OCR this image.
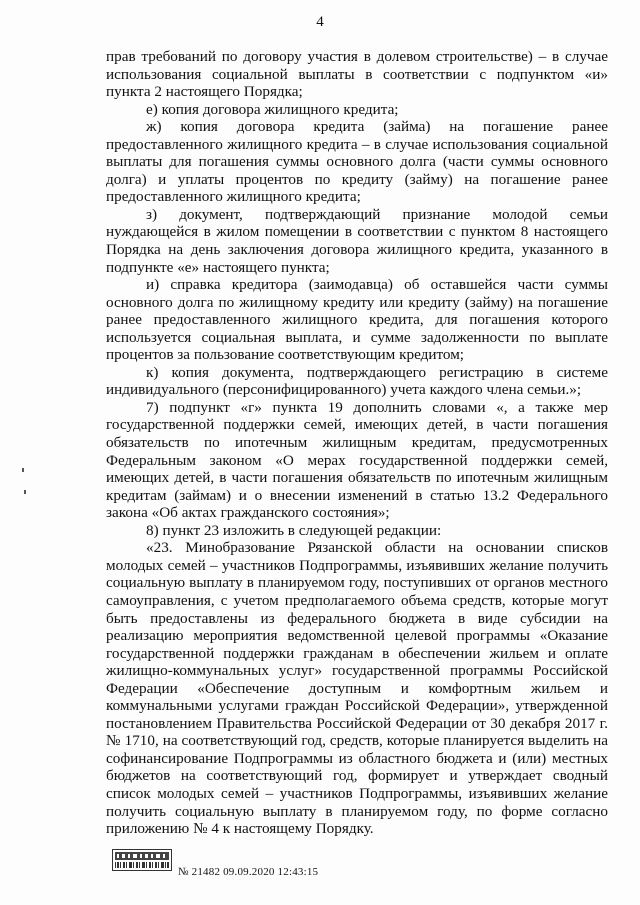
4

прав требований по договору участия в долевом строительстве) – в случае использования социальной выплаты в соответствии с подпунктом «и» пункта 2 настоящего Порядка;

е) копия договора жилищного кредита;

ж) копия договора кредита (займа) на погашение ранее предоставленного жилищного кредита – в случае использования социальной выплаты для погашения суммы основного долга (части суммы основного долга) и уплаты процентов по кредиту (займу) на погашение ранее предоставленного жилищного кредита;

з) документ, подтверждающий признание молодой семьи нуждающейся в жилом помещении в соответствии с пунктом 8 настоящего Порядка на день заключения договора жилищного кредита, указанного в подпункте «е» настоящего пункта;

и) справка кредитора (заимодавца) об оставшейся части суммы основного долга по жилищному кредиту или кредиту (займу) на погашение ранее предоставленного жилищного кредита, для погашения которого используется социальная выплата, и сумме задолженности по выплате процентов за пользование соответствующим кредитом;

к) копия документа, подтверждающего регистрацию в системе индивидуального (персонифицированного) учета каждого члена семьи.»;

7) подпункт «г» пункта 19 дополнить словами «, а также мер государственной поддержки семей, имеющих детей, в части погашения обязательств по ипотечным жилищным кредитам, предусмотренных Федеральным законом «О мерах государственной поддержки семей, имеющих детей, в части погашения обязательств по ипотечным жилищным кредитам (займам) и о внесении изменений в статью 13.2 Федерального закона «Об актах гражданского состояния»;

8) пункт 23 изложить в следующей редакции:

«23. Минобразование Рязанской области на основании списков молодых семей – участников Подпрограммы, изъявивших желание получить социальную выплату в планируемом году, поступивших от органов местного самоуправления, с учетом предполагаемого объема средств, которые могут быть предоставлены из федерального бюджета в виде субсидии на реализацию мероприятия ведомственной целевой программы «Оказание государственной поддержки гражданам в обеспечении жильем и оплате жилищно-коммунальных услуг» государственной программы Российской Федерации «Обеспечение доступным и комфортным жильем и коммунальными услугами граждан Российской Федерации», утвержденной постановлением Правительства Российской Федерации от 30 декабря 2017 г. № 1710, на соответствующий год, средств, которые планируется выделить на софинансирование Подпрограммы из областного бюджета и (или) местных бюджетов на соответствующий год, формирует и утверждает сводный список молодых семей – участников Подпрограммы, изъявивших желание получить социальную выплату в планируемом году, по форме согласно приложению № 4 к настоящему Порядку.

№ 21482 09.09.2020 12:43:15
